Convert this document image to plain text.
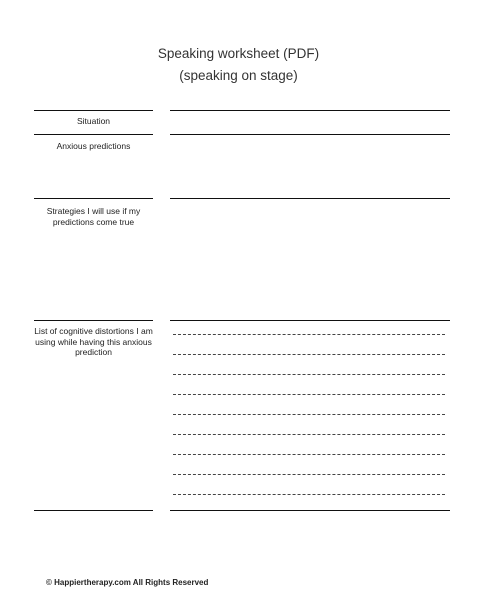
Speaking worksheet (PDF)
(speaking on stage)
Situation
Anxious predictions
Strategies I will use if my predictions come true
List of cognitive distortions I am using while having this anxious prediction
© Happiertherapy.com All Rights Reserved
